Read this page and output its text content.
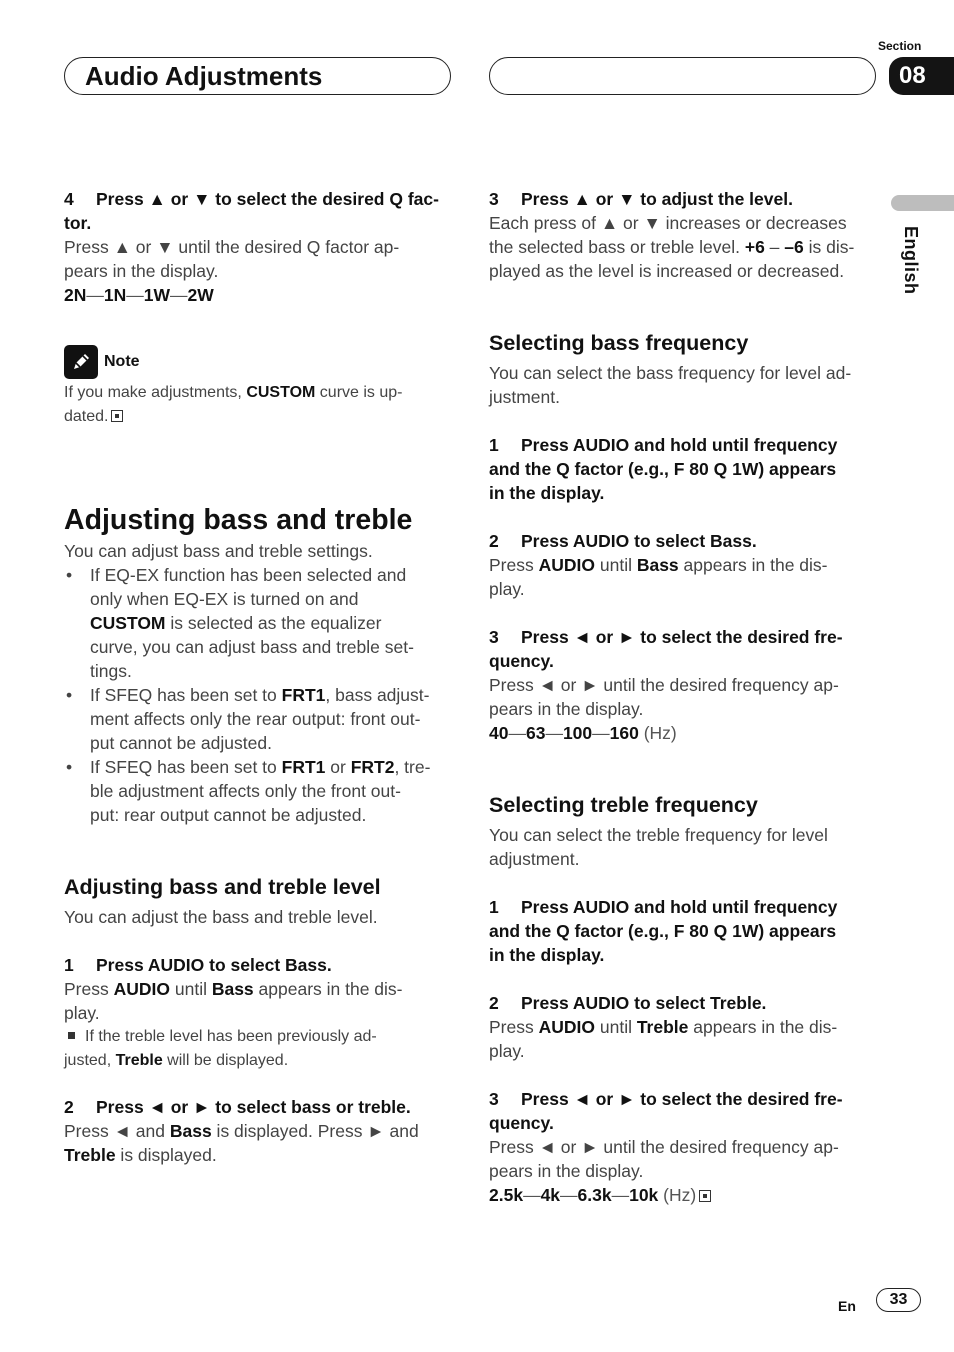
Audio Adjustments
Section
08
English
4 Press ▲ or ▼ to select the desired Q fac-
tor.

Press ▲ or ▼ until the desired Q factor ap-
pears in the display.

2N—1N—1W—2W

Note

If you make adjustments, CUSTOM curve is up-
dated.

Adjusting bass and treble

You can adjust bass and treble settings.

• If EQ-EX function has been selected and
only when EQ-EX is turned on and
CUSTOM is selected as the equalizer
curve, you can adjust bass and treble set-
tings.
• If SFEQ has been set to FRT1, bass adjust-
ment affects only the rear output: front out-
put cannot be adjusted.
• If SFEQ has been set to FRT1 or FRT2, tre-
ble adjustment affects only the front out-
put: rear output cannot be adjusted.
Adjusting bass and treble level

You can adjust the bass and treble level.

1 Press AUDIO to select Bass.

Press AUDIO until Bass appears in the dis-
play.

If the treble level has been previously ad-
justed, Treble will be displayed.

2 Press ◄ or ► to select bass or treble.

Press ◄ and Bass is displayed. Press ► and
Treble is displayed.

3 Press ▲ or ▼ to adjust the level.

Each press of ▲ or ▼ increases or decreases
the selected bass or treble level. +6 – –6 is dis-
played as the level is increased or decreased.

Selecting bass frequency

You can select the bass frequency for level ad-
justment.

1 Press AUDIO and hold until frequency
and the Q factor (e.g., F 80 Q 1W) appears
in the display.
2 Press AUDIO to select Bass.

Press AUDIO until Bass appears in the dis-
play.

3 Press ◄ or ► to select the desired fre-
quency.

Press ◄ or ► until the desired frequency ap-
pears in the display.

40—63—100—160 (Hz)

Selecting treble frequency

You can select the treble frequency for level
adjustment.

1 Press AUDIO and hold until frequency
and the Q factor (e.g., F 80 Q 1W) appears
in the display.
2 Press AUDIO to select Treble.

Press AUDIO until Treble appears in the dis-
play.

3 Press ◄ or ► to select the desired fre-
quency.

Press ◄ or ► until the desired frequency ap-
pears in the display.

2.5k—4k—6.3k—10k (Hz)

En	33
